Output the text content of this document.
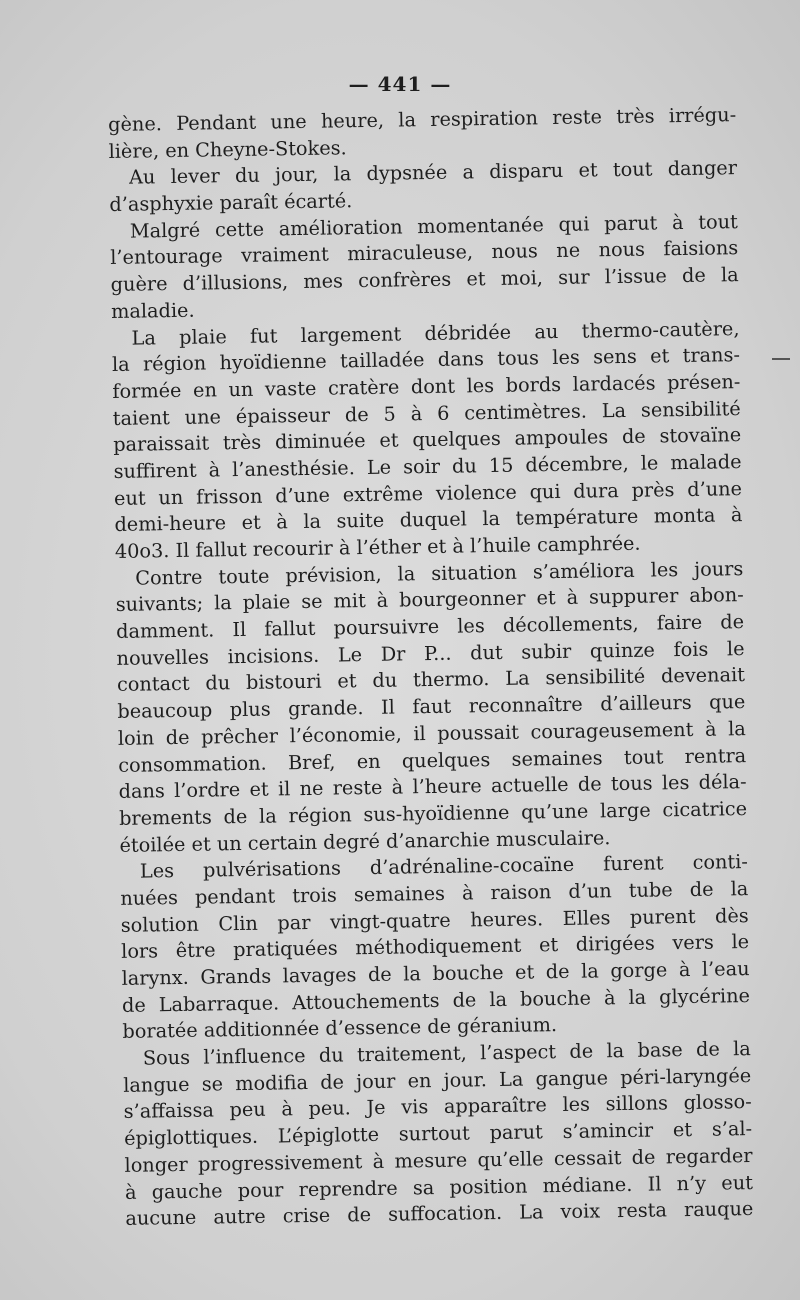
— 441 —
gène. Pendant une heure, la respiration reste très irrégu-
lière, en Cheyne-Stokes.
Au lever du jour, la dypsnée a disparu et tout danger
d’asphyxie paraît écarté.
Malgré cette amélioration momentanée qui parut à tout
l’entourage vraiment miraculeuse, nous ne nous faisions
guère d’illusions, mes confrères et moi, sur l’issue de la
maladie.
La plaie fut largement débridée au thermo-cautère,
la région hyoïdienne tailladée dans tous les sens et trans-
formée en un vaste cratère dont les bords lardacés présen-
taient une épaisseur de 5 à 6 centimètres. La sensibilité
paraissait très diminuée et quelques ampoules de stovaïne
suffirent à l’anesthésie. Le soir du 15 décembre, le malade
eut un frisson d’une extrême violence qui dura près d’une
demi-heure et à la suite duquel la température monta à
40o3. Il fallut recourir à l’éther et à l’huile camphrée.
Contre toute prévision, la situation s’améliora les jours
suivants; la plaie se mit à bourgeonner et à suppurer abon-
damment. Il fallut poursuivre les décollements, faire de
nouvelles incisions. Le Dr P... dut subir quinze fois le
contact du bistouri et du thermo. La sensibilité devenait
beaucoup plus grande. Il faut reconnaître d’ailleurs que
loin de prêcher l’économie, il poussait courageusement à la
consommation. Bref, en quelques semaines tout rentra
dans l’ordre et il ne reste à l’heure actuelle de tous les déla-
brements de la région sus-hyoïdienne qu’une large cicatrice
étoilée et un certain degré d’anarchie musculaire.
Les pulvérisations d’adrénaline-cocaïne furent conti-
nuées pendant trois semaines à raison d’un tube de la
solution Clin par vingt-quatre heures. Elles purent dès
lors être pratiquées méthodiquement et dirigées vers le
larynx. Grands lavages de la bouche et de la gorge à l’eau
de Labarraque. Attouchements de la bouche à la glycérine
boratée additionnée d’essence de géranium.
Sous l’influence du traitement, l’aspect de la base de la
langue se modifia de jour en jour. La gangue péri-laryngée
s’affaissa peu à peu. Je vis apparaître les sillons glosso-
épiglottiques. L’épiglotte surtout parut s’amincir et s’al-
longer progressivement à mesure qu’elle cessait de regarder
à gauche pour reprendre sa position médiane. Il n’y eut
aucune autre crise de suffocation. La voix resta rauque
